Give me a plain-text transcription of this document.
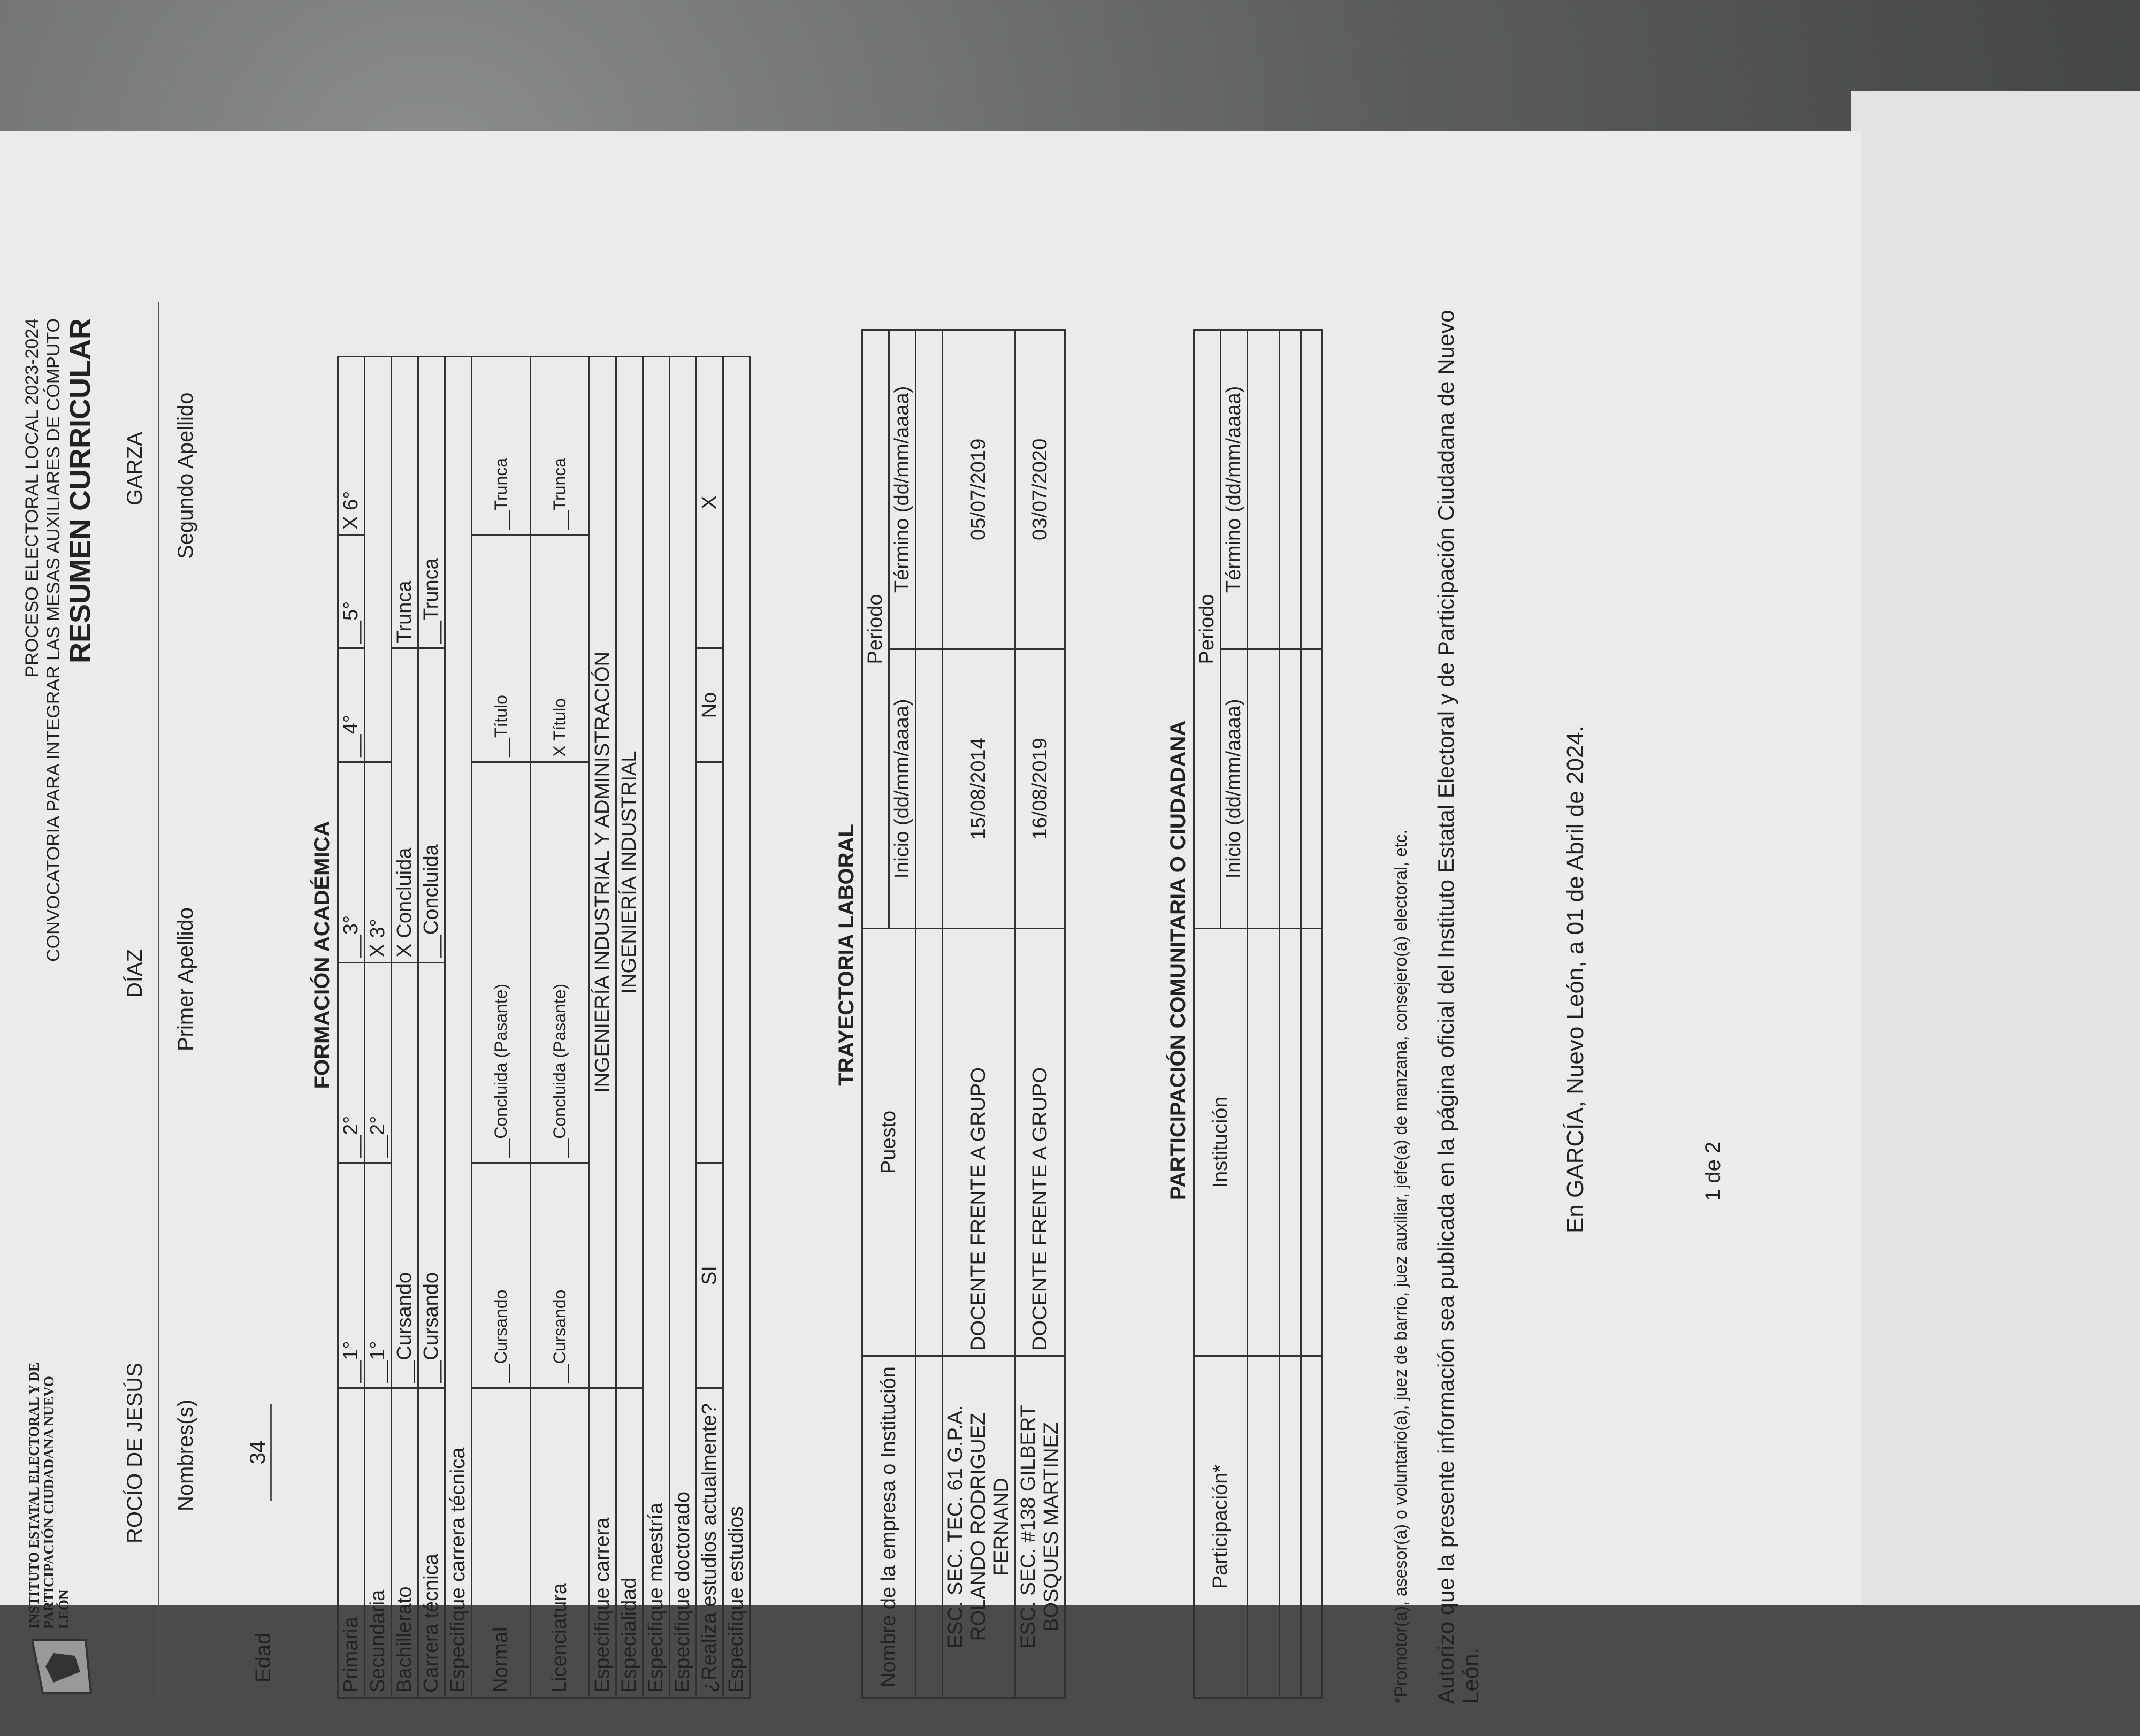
INSTITUTO ESTATAL ELECTORAL Y DE PARTICIPACIÓN CIUDADANA NUEVO LEÓN
PROCESO ELECTORAL LOCAL 2023-2024 CONVOCATORIA PARA INTEGRAR LAS MESAS AUXILIARES DE CÓMPUTO RESUMEN CURRICULAR
ROCÍO DE JESÚS
DÍAZ
GARZA
Nombres(s)
Primer Apellido
Segundo Apellido
Edad
34
FORMACIÓN ACADÉMICA
Primaria	__1°	__2°	__3°	__4°	__5°	X 6°
Secundaria	__1°	__2°	X 3°			
Bachillerato	__Cursando		X Concluida		Trunca	
Carrera técnica	__Cursando		__Concluida		__Trunca	
Especifique carrera técnica						
Normal	__Cursando	__Concluida (Pasante)		__Título		__Trunca
Licenciatura	__Cursando	__Concluida (Pasante)		X Título		__Trunca
Especifique carrera	INGENIERÍA INDUSTRIAL Y ADMINISTRACIÓN					
Especialidad	INGENIERÍA INDUSTRIAL					
Especifique maestría						
Especifique doctorado						
¿Realiza estudios actualmente?	SI			No	X	
Especifique estudios						
TRAYECTORIA LABORAL
Nombre de la empresa o Institución	Puesto	Periodo	
		Inicio (dd/mm/aaaa)	Término (dd/mm/aaaa)

ESC. SEC. TEC. 61 G.P.A. ROLANDO RODRIGUEZ FERNAND	DOCENTE FRENTE A GRUPO	15/08/2014	05/07/2019
ESC. SEC. #138 GILBERT BOSQUES MARTINEZ	DOCENTE FRENTE A GRUPO	16/08/2019	03/07/2020
PARTICIPACIÓN COMUNITARIA O CIUDADANA
Participación*	Institución	Periodo	
		Inicio (dd/mm/aaaa)	Término (dd/mm/aaaa)

*Promotor(a), asesor(a) o voluntario(a), juez de barrio, juez auxiliar, jefe(a) de manzana, consejero(a) electoral, etc. Autorizo que la presente información sea publicada en la página oficial del Instituto Estatal Electoral y de Participación Ciudadana de Nuevo León.
1 de 2
En GARCÍA, Nuevo León, a 01 de Abril de 2024.
